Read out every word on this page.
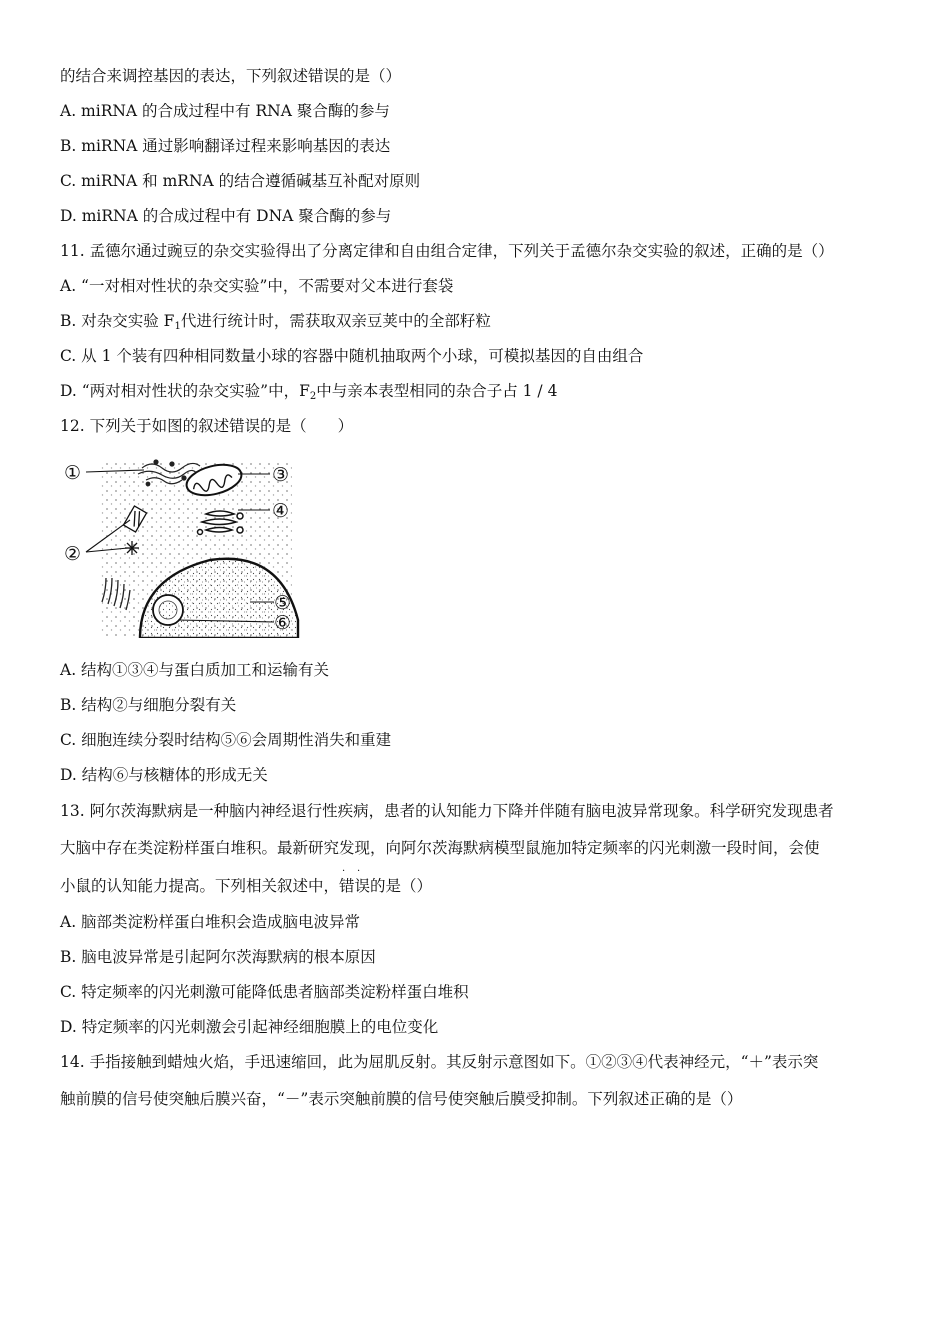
的结合来调控基因的表达，下列叙述错误的是（）
A. miRNA 的合成过程中有 RNA 聚合酶的参与
B. miRNA 通过影响翻译过程来影响基因的表达
C. miRNA 和 mRNA 的结合遵循碱基互补配对原则
D. miRNA 的合成过程中有 DNA 聚合酶的参与
11. 孟德尔通过豌豆的杂交实验得出了分离定律和自由组合定律，下列关于孟德尔杂交实验的叙述，正确的是（）
A. “一对相对性状的杂交实验”中，不需要对父本进行套袋
B. 对杂交实验 $F_1$代进行统计时，需获取双亲豆荚中的全部籽粒
C. 从 1 个装有四种相同数量小球的容器中随机抽取两个小球，可模拟基因的自由组合
D. “两对相对性状的杂交实验”中，$F_2$中与亲本表型相同的杂合子占 1 / 4
12. 下列关于如图的叙述错误的是（　　）
①
②
③
④
⑤
⑥
A. 结构①③④与蛋白质加工和运输有关
B. 结构②与细胞分裂有关
C. 细胞连续分裂时结构⑤⑥会周期性消失和重建
D. 结构⑥与核糖体的形成无关
13. 阿尔茨海默病是一种脑内神经退行性疾病，患者的认知能力下降并伴随有脑电波异常现象。科学研究发现患者
大脑中存在类淀粉样蛋白堆积。最新研究发现，向阿尔茨海默病模型鼠施加特定频率的闪光刺激一段时间，会使
小鼠的认知能力提高。下列相关叙述中，
· ·
错误的是（）
A. 脑部类淀粉样蛋白堆积会造成脑电波异常
B. 脑电波异常是引起阿尔茨海默病的根本原因
C. 特定频率的闪光刺激可能降低患者脑部类淀粉样蛋白堆积
D. 特定频率的闪光刺激会引起神经细胞膜上的电位变化
14. 手指接触到蜡烛火焰，手迅速缩回，此为屈肌反射。其反射示意图如下。①②③④代表神经元，“＋”表示突
触前膜的信号使突触后膜兴奋，“－”表示突触前膜的信号使突触后膜受抑制。下列叙述正确的是（）
